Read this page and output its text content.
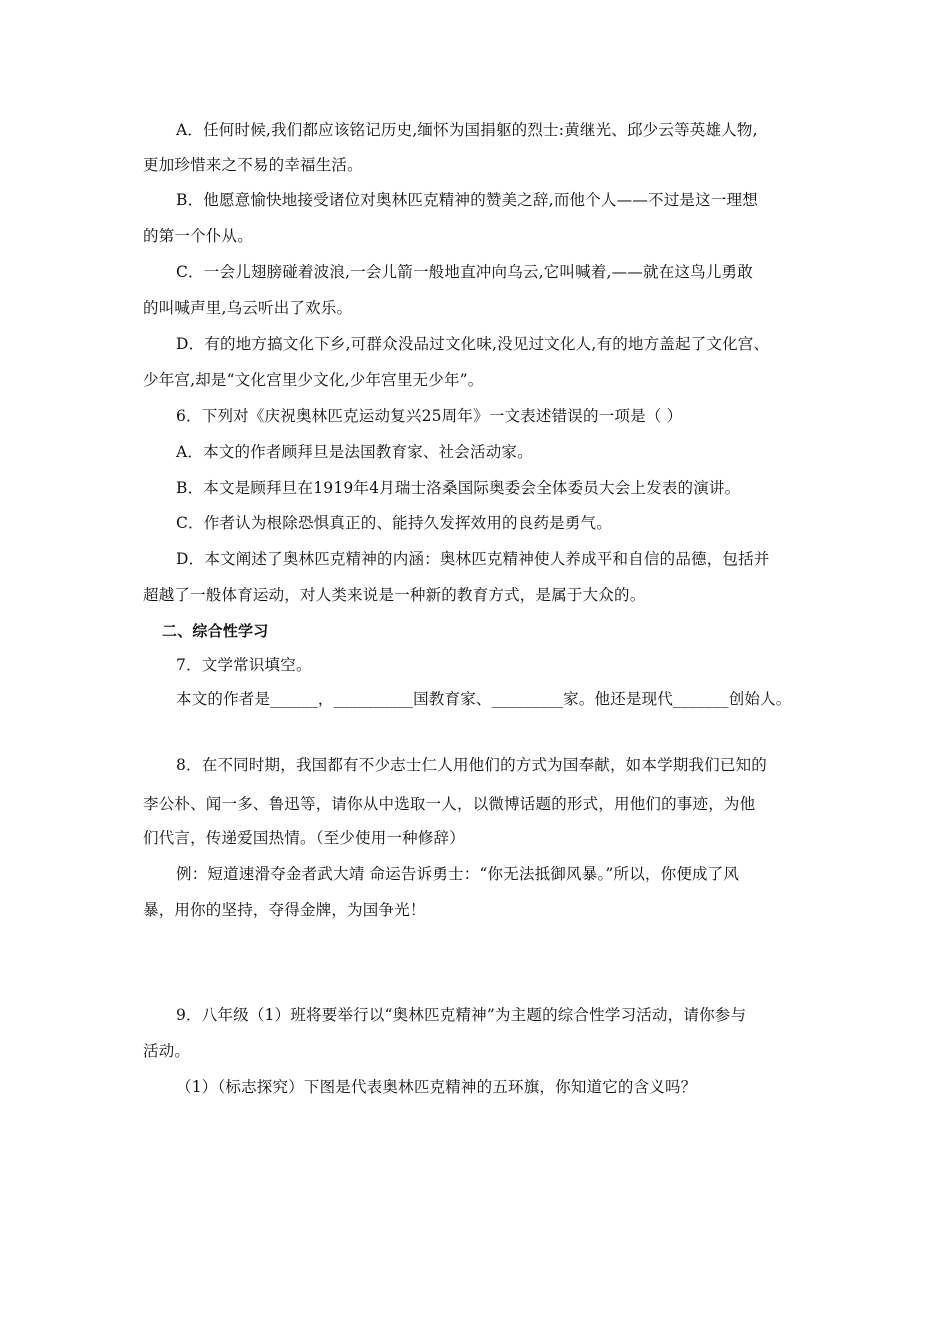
A．任何时候,我们都应该铭记历史,缅怀为国捐躯的烈士:黄继光、邱少云等英雄人物,

更加珍惜来之不易的幸福生活。

B．他愿意愉快地接受诸位对奥林匹克精神的赞美之辞,而他个人——不过是这一理想

的第一个仆从。

C．一会儿翅膀碰着波浪,一会儿箭一般地直冲向乌云,它叫喊着,——就在这鸟儿勇敢

的叫喊声里,乌云听出了欢乐。

D．有的地方搞文化下乡,可群众没品过文化味,没见过文化人,有的地方盖起了文化宫、

少年宫,却是“文化宫里少文化,少年宫里无少年”。

6．下列对《庆祝奥林匹克运动复兴25周年》一文表述错误的一项是（ ）

A．本文的作者顾拜旦是法国教育家、社会活动家。

B．本文是顾拜旦在1919年4月瑞士洛桑国际奥委会全体委员大会上发表的演讲。

C．作者认为根除恐惧真正的、能持久发挥效用的良药是勇气。

D．本文阐述了奥林匹克精神的内涵：奥林匹克精神使人养成平和自信的品德，包括并

超越了一般体育运动，对人类来说是一种新的教育方式，是属于大众的。

二、综合性学习

7．文学常识填空。

本文的作者是______，__________国教育家、_________家。他还是现代_______创始人。

8．在不同时期，我国都有不少志士仁人用他们的方式为国奉献，如本学期我们已知的

李公朴、闻一多、鲁迅等，请你从中选取一人，以微博话题的形式，用他们的事迹，为他

们代言，传递爱国热情。（至少使用一种修辞）

例：短道速滑夺金者武大靖 命运告诉勇士：“你无法抵御风暴。”所以，你便成了风

暴，用你的坚持，夺得金牌，为国争光！

9．八年级（1）班将要举行以“奥林匹克精神”为主题的综合性学习活动，请你参与

活动。

（1）（标志探究）下图是代表奥林匹克精神的五环旗，你知道它的含义吗？
